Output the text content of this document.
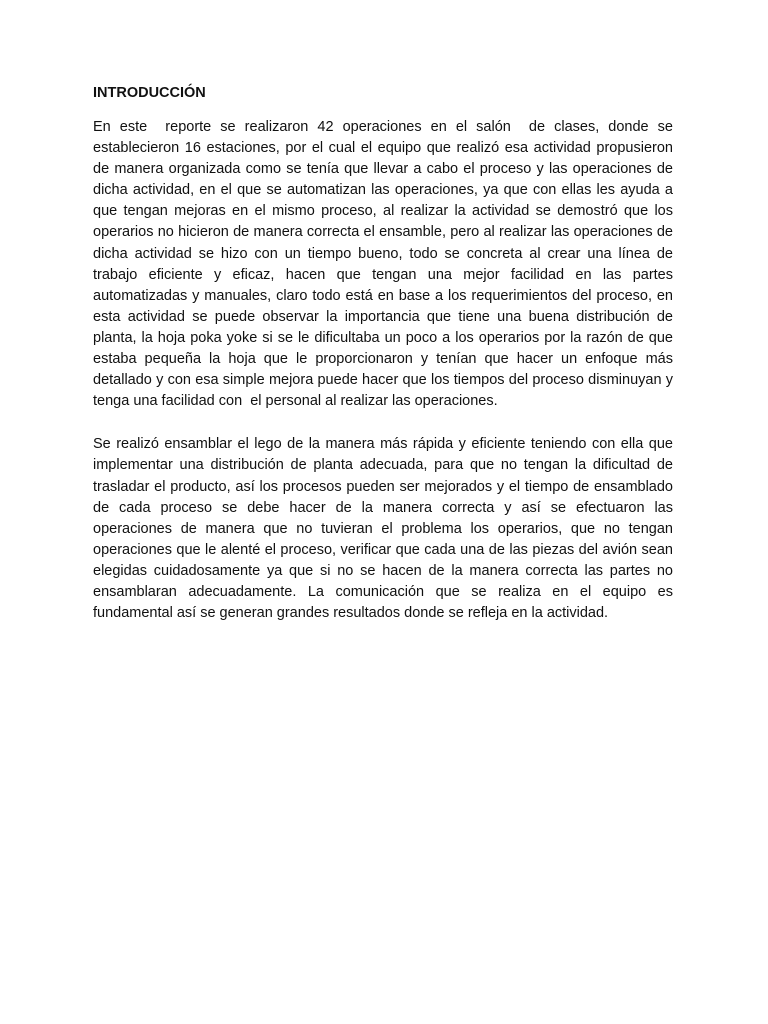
INTRODUCCIÓN

En este  reporte se realizaron 42 operaciones en el salón  de clases, donde se establecieron 16 estaciones, por el cual el equipo que realizó esa actividad propusieron de manera organizada como se tenía que llevar a cabo el proceso y las operaciones de dicha actividad, en el que se automatizan las operaciones, ya que con ellas les ayuda a que tengan mejoras en el mismo proceso, al realizar la actividad se demostró que los operarios no hicieron de manera correcta el ensamble, pero al realizar las operaciones de dicha actividad se hizo con un tiempo bueno, todo se concreta al crear una línea de trabajo eficiente y eficaz, hacen que tengan una mejor facilidad en las partes automatizadas y manuales, claro todo está en base a los requerimientos del proceso, en esta actividad se puede observar la importancia que tiene una buena distribución de planta, la hoja poka yoke si se le dificultaba un poco a los operarios por la razón de que estaba pequeña la hoja que le proporcionaron y tenían que hacer un enfoque más  detallado y con esa simple mejora puede hacer que los tiempos del proceso disminuyan y tenga una facilidad con  el personal al realizar las operaciones.

Se realizó ensamblar el lego de la manera más rápida y eficiente teniendo con ella que implementar una distribución de planta adecuada, para que no tengan la dificultad de trasladar el producto, así los procesos pueden ser mejorados y el tiempo de ensamblado de cada proceso se debe hacer de la manera correcta y así se efectuaron las operaciones de manera que no tuvieran el problema los operarios, que no tengan operaciones que le alenté el proceso, verificar que cada una de las piezas del avión sean elegidas cuidadosamente ya que si no se hacen de la manera correcta las partes no ensamblaran adecuadamente. La comunicación que se realiza en el equipo es fundamental así se generan grandes resultados donde se refleja en la actividad.
